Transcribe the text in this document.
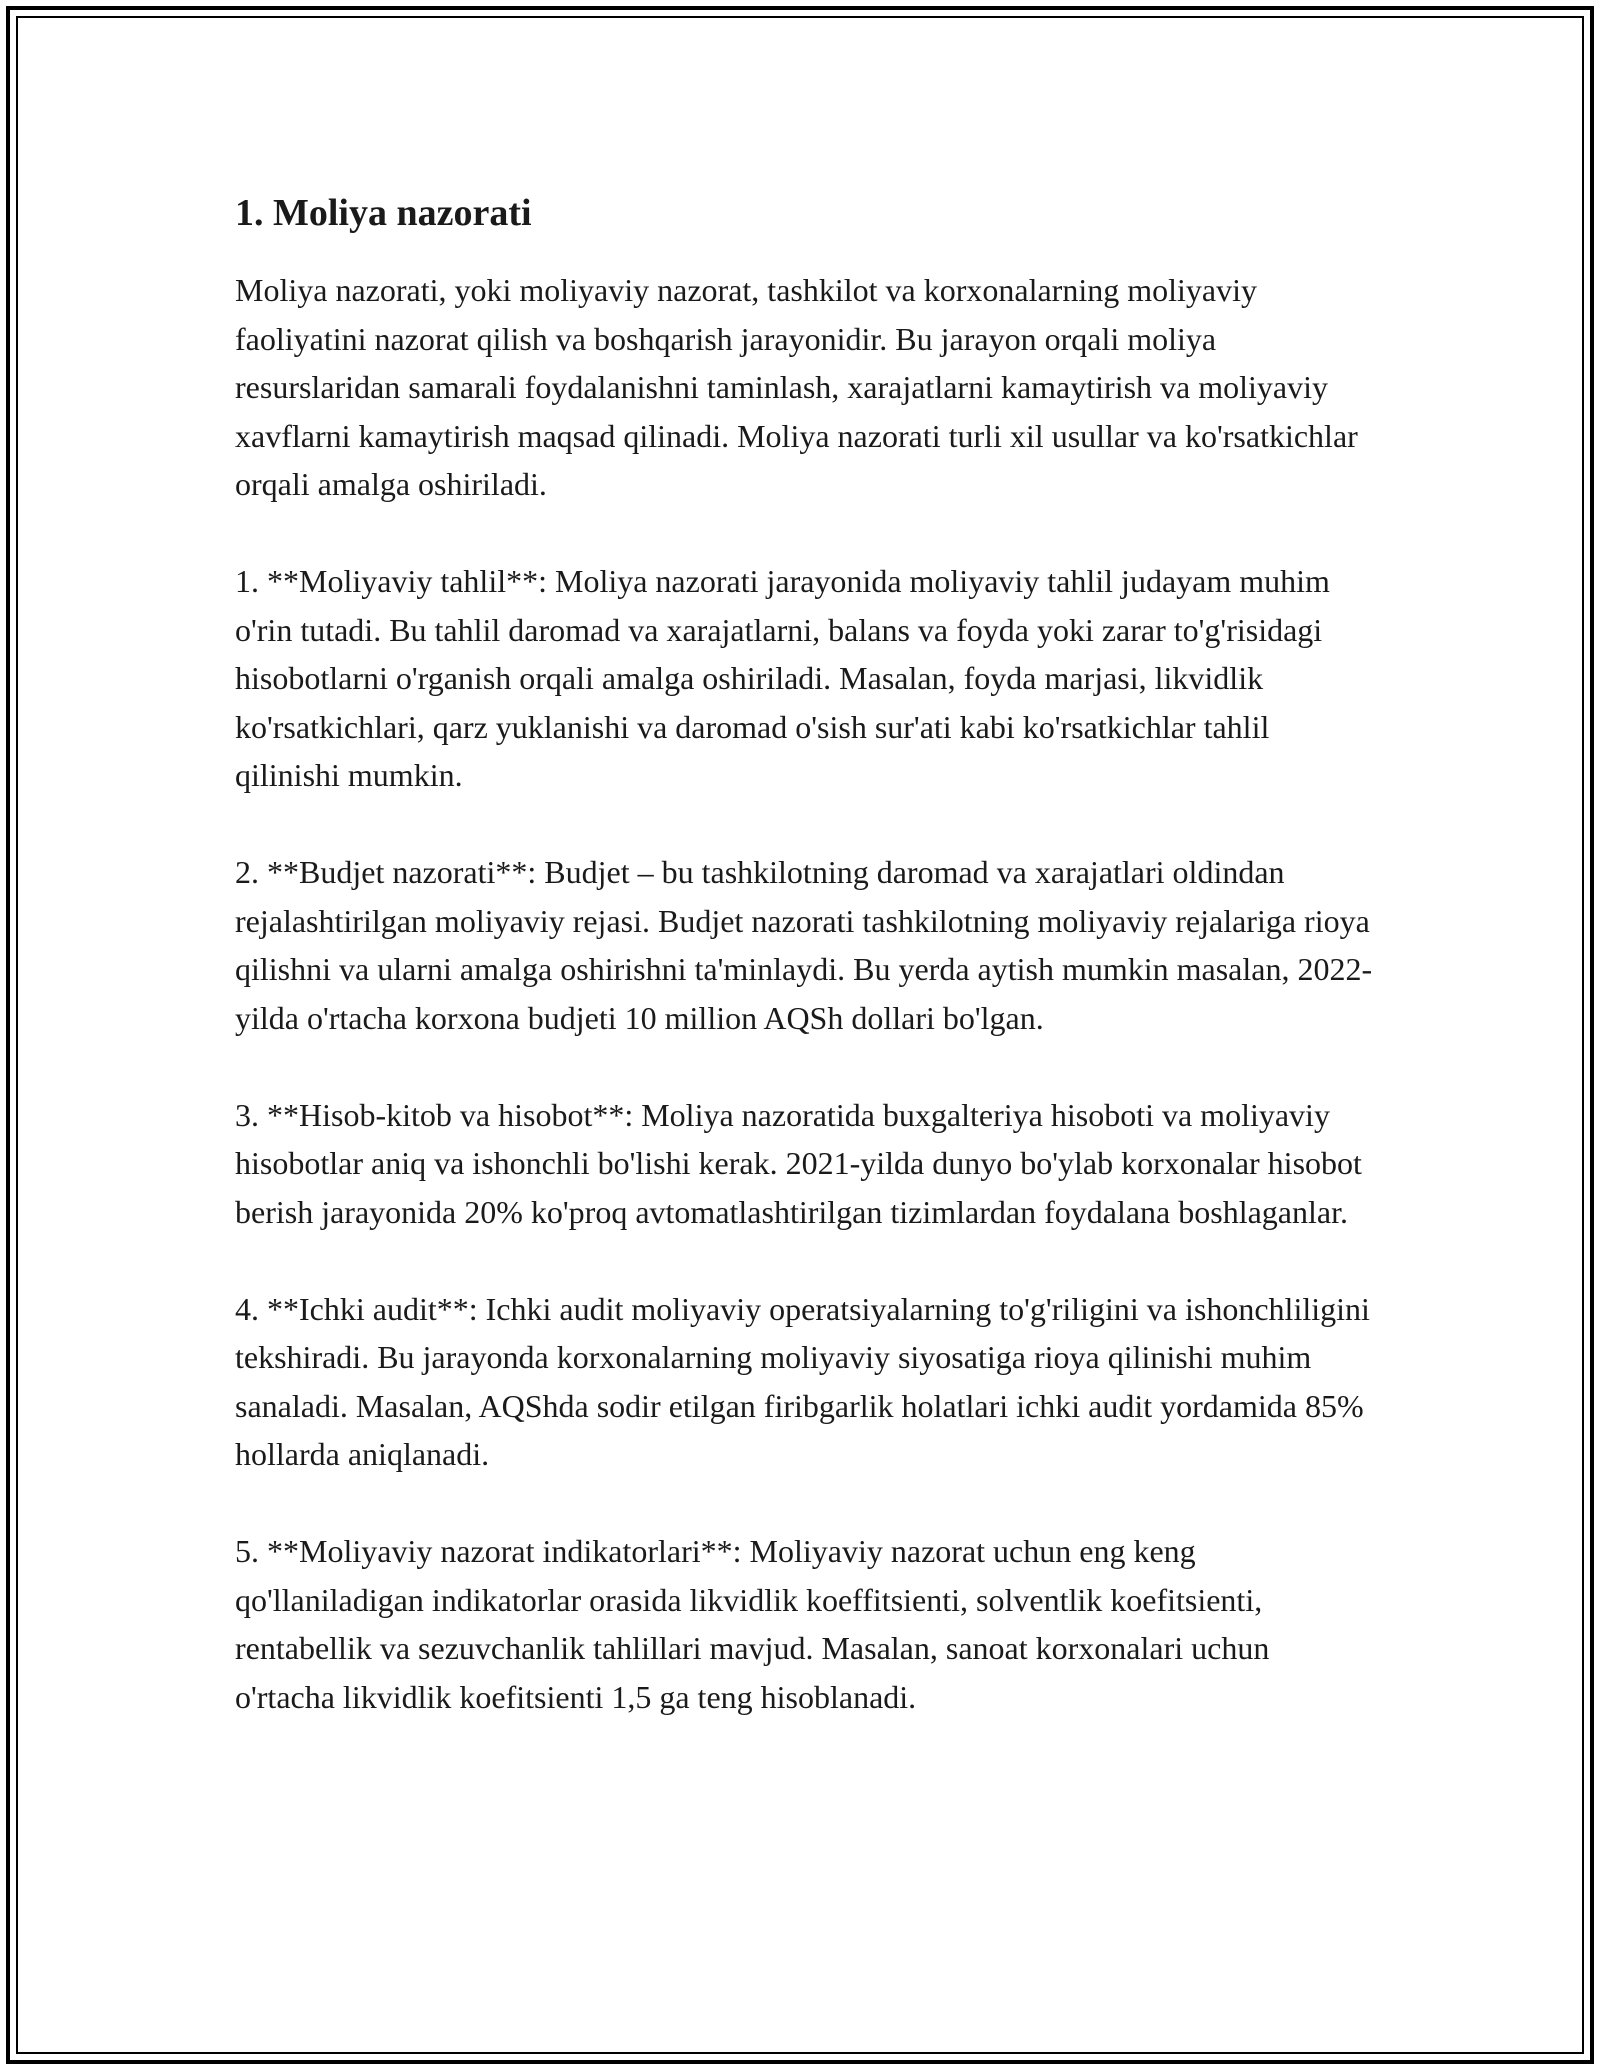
1. Moliya nazorati

Moliya nazorati, yoki moliyaviy nazorat, tashkilot va korxonalarning moliyaviy faoliyatini nazorat qilish va boshqarish jarayonidir. Bu jarayon orqali moliya resurslaridan samarali foydalanishni taminlash, xarajatlarni kamaytirish va moliyaviy xavflarni kamaytirish maqsad qilinadi. Moliya nazorati turli xil usullar va ko'rsatkichlar orqali amalga oshiriladi.

1. **Moliyaviy tahlil**: Moliya nazorati jarayonida moliyaviy tahlil judayam muhim o'rin tutadi. Bu tahlil daromad va xarajatlarni, balans va foyda yoki zarar to'g'risidagi hisobotlarni o'rganish orqali amalga oshiriladi. Masalan, foyda marjasi, likvidlik ko'rsatkichlari, qarz yuklanishi va daromad o'sish sur'ati kabi ko'rsatkichlar tahlil qilinishi mumkin.

2. **Budjet nazorati**: Budjet – bu tashkilotning daromad va xarajatlari oldindan rejalashtirilgan moliyaviy rejasi. Budjet nazorati tashkilotning moliyaviy rejalariga rioya qilishni va ularni amalga oshirishni ta'minlaydi. Bu yerda aytish mumkin masalan, 2022-yilda o'rtacha korxona budjeti 10 million AQSh dollari bo'lgan.

3. **Hisob-kitob va hisobot**: Moliya nazoratida buxgalteriya hisoboti va moliyaviy hisobotlar aniq va ishonchli bo'lishi kerak. 2021-yilda dunyo bo'ylab korxonalar hisobot berish jarayonida 20% ko'proq avtomatlashtirilgan tizimlardan foydalana boshlaganlar.

4. **Ichki audit**: Ichki audit moliyaviy operatsiyalarning to'g'riligini va ishonchliligini tekshiradi. Bu jarayonda korxonalarning moliyaviy siyosatiga rioya qilinishi muhim sanaladi. Masalan, AQShda sodir etilgan firibgarlik holatlari ichki audit yordamida 85% hollarda aniqlanadi.

5. **Moliyaviy nazorat indikatorlari**: Moliyaviy nazorat uchun eng keng qo'llaniladigan indikatorlar orasida likvidlik koeffitsienti, solventlik koefitsienti, rentabellik va sezuvchanlik tahlillari mavjud. Masalan, sanoat korxonalari uchun o'rtacha likvidlik koefitsienti 1,5 ga teng hisoblanadi.
